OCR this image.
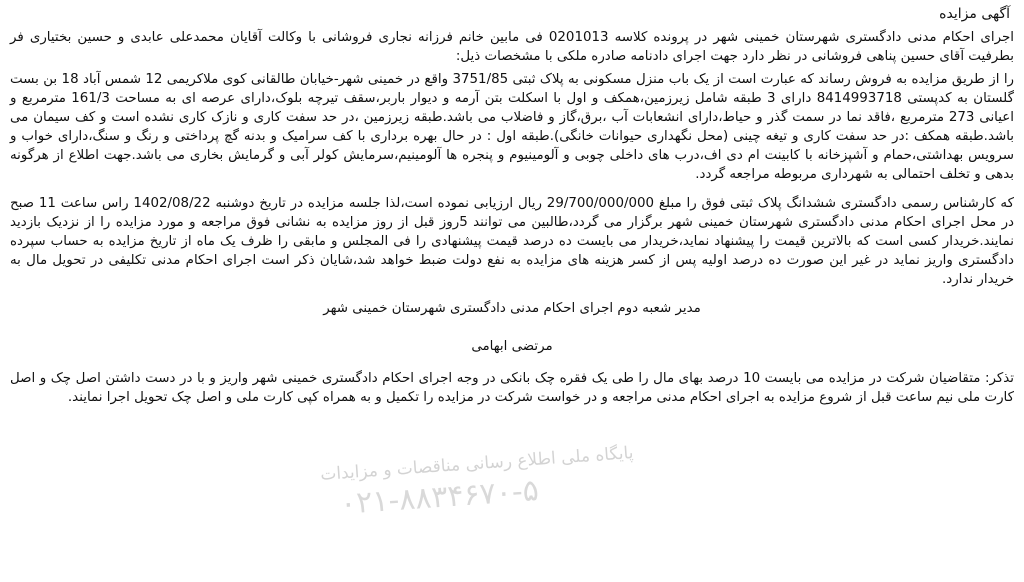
آگهی مزایده

اجرای احکام مدنی دادگستری شهرستان خمینی شهر در پرونده کلاسه 0201013 فی مابین خانم فرزانه نجاری فروشانی با وکالت آقایان محمدعلی عابدی و حسین بختیاری فر بطرفیت آقای حسین پناهی فروشانی در نظر دارد جهت اجرای دادنامه صادره ملکی با مشخصات ذیل:

را از طریق مزایده به فروش رساند که عبارت است از یک باب منزل مسکونی به پلاک ثبتی 3751/85 واقع در خمینی شهر-خیابان طالقانی کوی ملاکریمی 12 شمس آباد 18 بن بست گلستان به کدپستی 8414993718 دارای 3 طبقه شامل زیرزمین،همکف و اول با اسکلت بتن آرمه و دیوار باربر،سقف تیرچه بلوک،دارای عرصه ای به مساحت 161/3 مترمربع و اعیانی 273 مترمربع ،فاقد نما در سمت گذر و حیاط،دارای انشعابات آب ،برق،گاز و فاضلاب می باشد.طبقه زیرزمین ،در حد سفت کاری و نازک کاری نشده است و کف سیمان می باشد.طبقه همکف :در حد سفت کاری و تیغه چینی (محل نگهداری حیوانات خانگی).طبقه اول : در حال بهره برداری با کف سرامیک و بدنه گچ پرداختی و رنگ و سنگ،دارای خواب و سرویس بهداشتی،حمام و آشپزخانه با کابینت ام دی اف،درب های داخلی چوبی و آلومینیوم و پنجره ها آلومینیم،سرمایش کولر آبی و گرمایش بخاری می باشد.جهت اطلاع از هرگونه بدهی و تخلف احتمالی به شهرداری مربوطه مراجعه گردد.

که کارشناس رسمی دادگستری ششدانگ پلاک ثبتی فوق را مبلغ 29/700/000/000 ریال ارزیابی نموده است،لذا جلسه مزایده در تاریخ دوشنبه 1402/08/22 راس ساعت 11 صبح در محل اجرای احکام مدنی دادگستری شهرستان خمینی شهر برگزار می گردد،طالبین می توانند 5روز قبل از روز مزایده به نشانی فوق مراجعه و مورد مزایده را از نزدیک بازدید نمایند.خریدار کسی است که بالاترین قیمت را پیشنهاد نماید،خریدار می بایست ده درصد قیمت پیشنهادی را فی المجلس و مابقی را ظرف یک ماه از تاریخ مزایده به حساب سپرده دادگستری واریز نماید در غیر این صورت ده درصد اولیه پس از کسر هزینه های مزایده به نفع دولت ضبط خواهد شد،شایان ذکر است اجرای احکام مدنی تکلیفی در تحویل مال به خریدار ندارد.

مدیر شعبه دوم اجرای احکام مدنی دادگستری شهرستان خمینی شهر

مرتضی ابهامی

تذکر: متقاضیان شرکت در مزایده می بایست 10 درصد بهای مال را طی یک فقره چک بانکی در وجه اجرای احکام دادگستری خمینی شهر واریز و با در دست داشتن اصل چک و اصل کارت ملی نیم ساعت قبل از شروع مزایده به اجرای احکام مدنی مراجعه و در خواست شرکت در مزایده را تکمیل و به همراه کپی کارت ملی و اصل چک تحویل اجرا نمایند.

پایگاه ملی اطلاع رسانی مناقصات و مزایدات
۰۲۱-۸۸۳۴۶۷۰-۵
